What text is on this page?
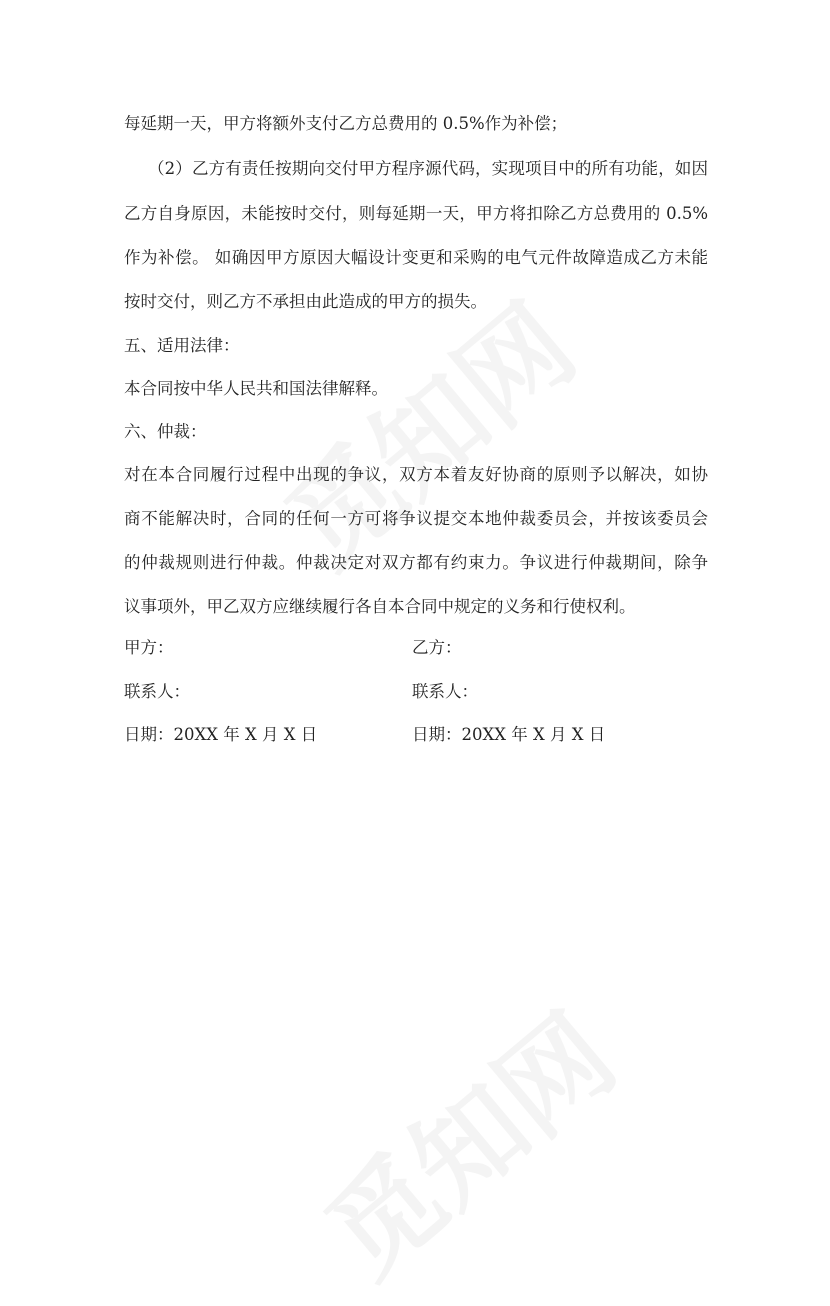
每延期一天，甲方将额外支付乙方总费用的 0.5%作为补偿；
（2）乙方有责任按期向交付甲方程序源代码，实现项目中的所有功能，如因
乙方自身原因，未能按时交付，则每延期一天，甲方将扣除乙方总费用的 0.5%
作为补偿。 如确因甲方原因大幅设计变更和采购的电气元件故障造成乙方未能
按时交付，则乙方不承担由此造成的甲方的损失。
五、适用法律：
本合同按中华人民共和国法律解释。
六、仲裁：
对在本合同履行过程中出现的争议，双方本着友好协商的原则予以解决，如协
商不能解决时，合同的任何一方可将争议提交本地仲裁委员会，并按该委员会
的仲裁规则进行仲裁。仲裁决定对双方都有约束力。争议进行仲裁期间，除争
议事项外，甲乙双方应继续履行各自本合同中规定的义务和行使权利。
甲方：	乙方：
联系人：	联系人：
日期：20XX 年 X 月 X 日	日期：20XX 年 X 月 X 日
